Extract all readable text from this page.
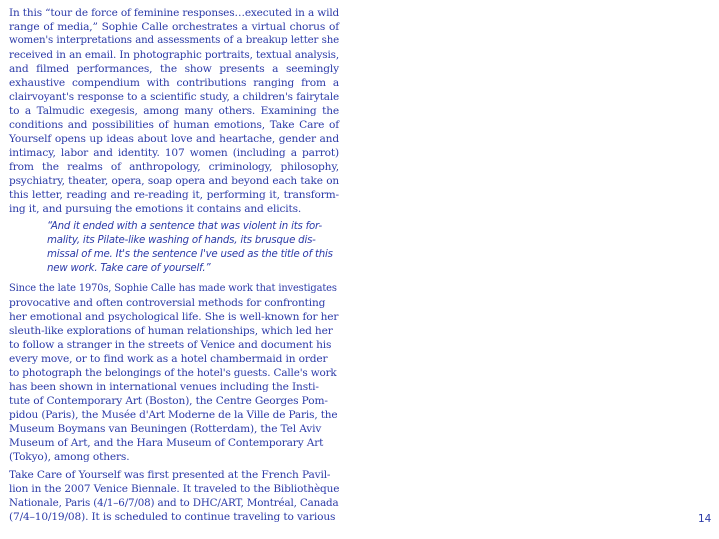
In this “tour de force of feminine responses…executed in a wild
range of media,” Sophie Calle orchestrates a virtual chorus of
women's interpretations and assessments of a breakup letter she
received in an email. In photographic portraits, textual analysis,
and filmed performances, the show presents a seemingly
exhaustive compendium with contributions ranging from a
clairvoyant's response to a scientific study, a children's fairytale
to a Talmudic exegesis, among many others. Examining the
conditions and possibilities of human emotions, Take Care of
Yourself opens up ideas about love and heartache, gender and
intimacy, labor and identity. 107 women (including a parrot)
from the realms of anthropology, criminology, philosophy,
psychiatry, theater, opera, soap opera and beyond each take on
this letter, reading and re-reading it, performing it, transform-
ing it, and pursuing the emotions it contains and elicits.
“And it ended with a sentence that was violent in its for-
mality, its Pilate-like washing of hands, its brusque dis-
missal of me. It's the sentence I've used as the title of this
new work. Take care of yourself.”
Since the late 1970s, Sophie Calle has made work that investigates
provocative and often controversial methods for confronting
her emotional and psychological life. She is well-known for her
sleuth-like explorations of human relationships, which led her
to follow a stranger in the streets of Venice and document his
every move, or to find work as a hotel chambermaid in order
to photograph the belongings of the hotel's guests. Calle's work
has been shown in international venues including the Insti-
tute of Contemporary Art (Boston), the Centre Georges Pom-
pidou (Paris), the Musée d'Art Moderne de la Ville de Paris, the
Museum Boymans van Beuningen (Rotterdam), the Tel Aviv
Museum of Art, and the Hara Museum of Contemporary Art
(Tokyo), among others.
Take Care of Yourself was first presented at the French Pavil-
lion in the 2007 Venice Biennale. It traveled to the Bibliothèque
Nationale, Paris (4/1–6/7/08) and to DHC/ART, Montréal, Canada
(7/4–10/19/08). It is scheduled to continue traveling to various	14
